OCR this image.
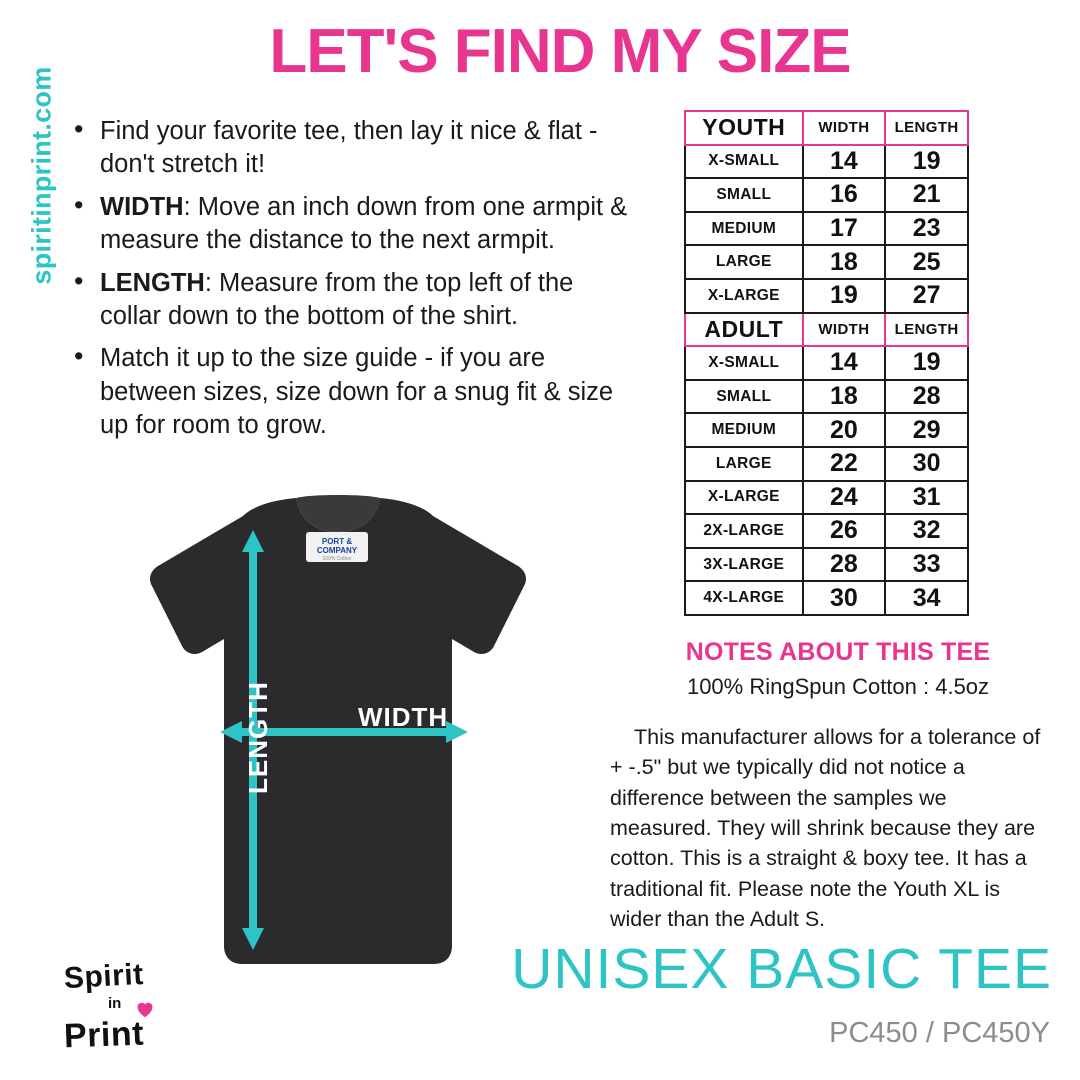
spiritinprint.com
LET'S FIND MY SIZE
• Find your favorite tee, then lay it nice & flat - don't stretch it!
• WIDTH: Move an inch down from one armpit & measure the distance to the next armpit.
• LENGTH: Measure from the top left of the collar down to the bottom of the shirt.
• Match it up to the size guide - if you are between sizes, size down for a snug fit & size up for room to grow.
YOUTH	WIDTH	LENGTH
X-SMALL	14	19
SMALL	16	21
MEDIUM	17	23
LARGE	18	25
X-LARGE	19	27
ADULT	WIDTH	LENGTH
X-SMALL	14	19
SMALL	18	28
MEDIUM	20	29
LARGE	22	30
X-LARGE	24	31
2X-LARGE	26	32
3X-LARGE	28	33
4X-LARGE	30	34
NOTES ABOUT THIS TEE
100% RingSpun Cotton : 4.5oz
This manufacturer allows for a tolerance of + -.5" but we typically did not notice a difference between the samples we measured. They will shrink because they are cotton. This is a straight & boxy tee. It has a traditional fit. Please note the Youth XL is wider than the Adult S.
PORT &
COMPANY
100% Cotton
WIDTH
LENGTH
Spirit
in
Print
UNISEX BASIC TEE
PC450 / PC450Y
